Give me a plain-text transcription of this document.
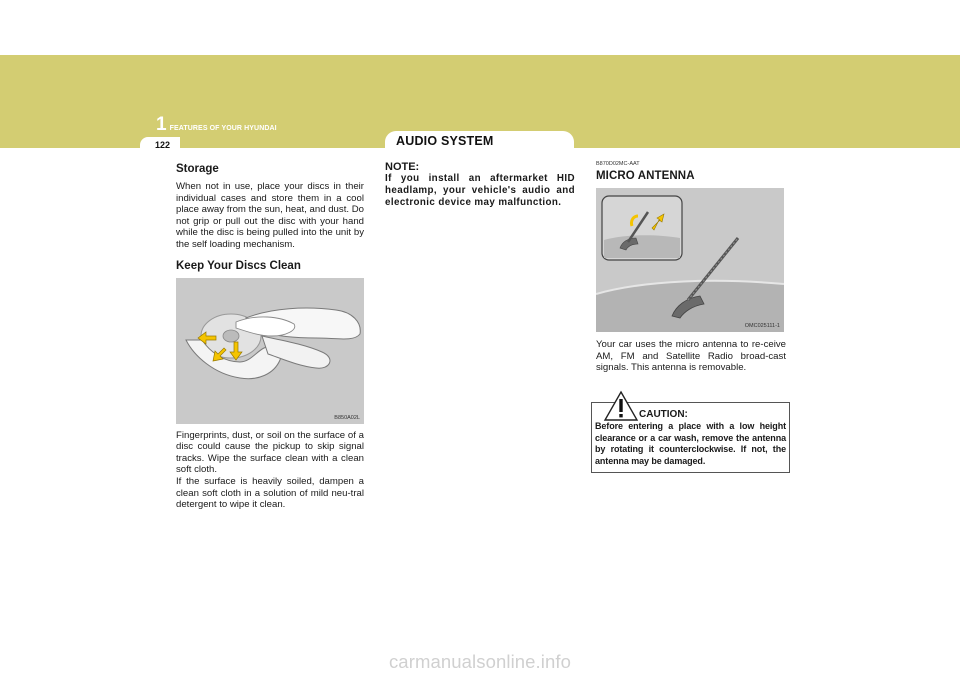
1 FEATURES OF YOUR HYUNDAI
122	AUDIO SYSTEM
Storage

When not in use, place your discs in their individual cases and store them in a cool place away from the sun, heat, and dust. Do not grip or pull out the disc with your hand while the disc is being pulled into the unit by the self loading mechanism.

Keep Your Discs Clean
B850A02L

Fingerprints, dust, or soil on the surface of a disc could cause the pickup to skip signal tracks. Wipe the surface clean with a clean soft cloth.

If the surface is heavily soiled, dampen a clean soft cloth in a solution of mild neu-tral detergent to wipe it clean.

NOTE:

If you install an aftermarket HID headlamp, your vehicle's audio and electronic device may malfunction.

B870D02MC-AAT
MICRO ANTENNA
OMC025111-1

Your car uses the micro antenna to re-ceive AM, FM and Satellite Radio broad-cast signals. This antenna is removable.

CAUTION:

Before entering a place with a low height clearance or a car wash, remove the antenna by rotating it counterclockwise. If not, the antenna may be damaged.

carmanualsonline.info
